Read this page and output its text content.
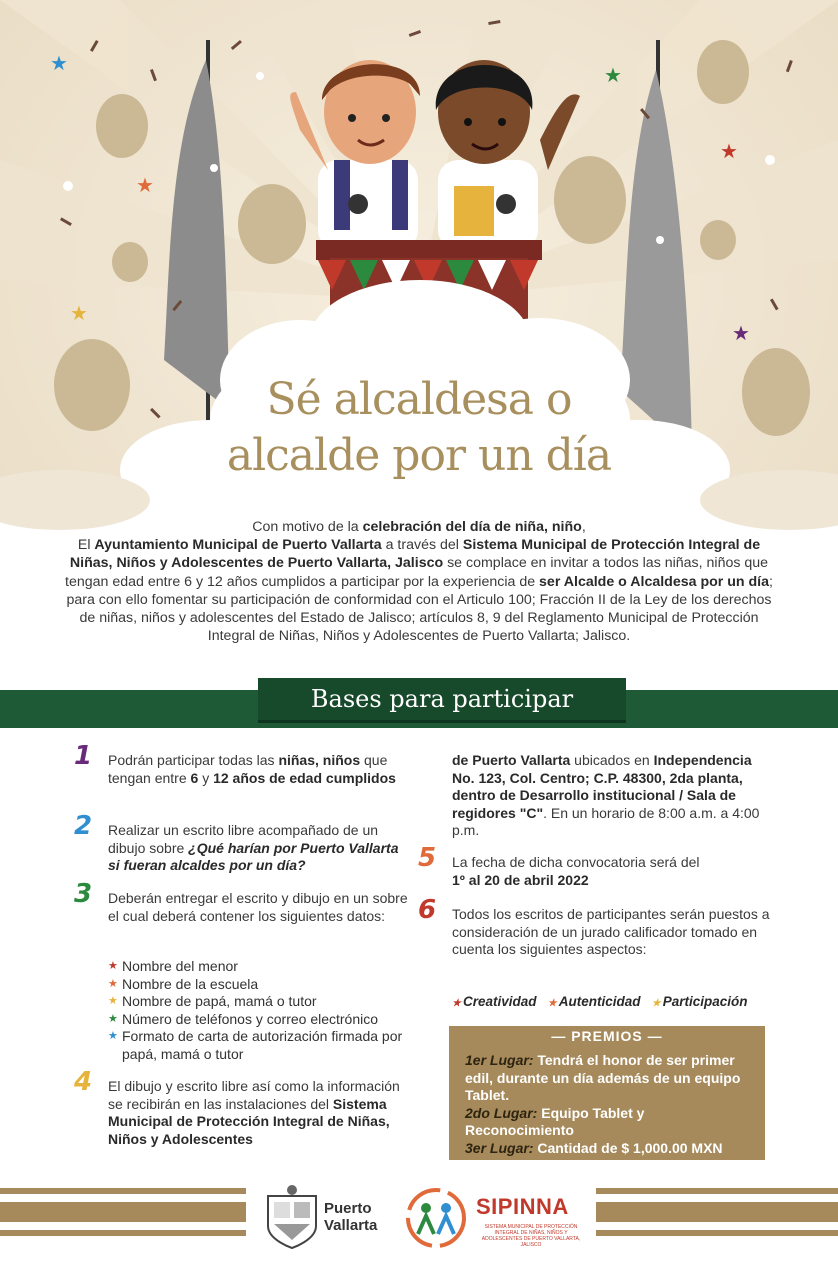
★
★
★
★
★
★
Sé alcaldesa o
alcalde por un día
Con motivo de la celebración del día de niña, niño,
El Ayuntamiento Municipal de Puerto Vallarta a través del Sistema Municipal de Protección Integral de Niñas, Niños y Adolescentes de Puerto Vallarta, Jalisco se complace en invitar a todos las niñas, niños que tengan edad entre 6 y 12 años cumplidos a participar por la experiencia de ser Alcalde o Alcaldesa por un día; para con ello fomentar su participación de conformidad con el Articulo 100; Fracción II de la Ley de los derechos de niñas, niños y adolescentes del Estado de Jalisco; artículos 8, 9 del Reglamento Municipal de Protección Integral de Niñas, Niños y Adolescentes de Puerto Vallarta; Jalisco.
Bases para participar
1 Podrán participar todas las niñas, niños que tengan entre 6 y 12 años de edad cumplidos
2 Realizar un escrito libre acompañado de un dibujo sobre ¿Qué harían por Puerto Vallarta si fueran alcaldes por un día?
3 Deberán entregar el escrito y dibujo en un sobre el cual deberá contener los siguientes datos:
4 El dibujo y escrito libre así como la información se recibirán en las instalaciones del Sistema Municipal de Protección Integral de Niñas, Niños y Adolescentes
★ Nombre del menor
★ Nombre de la escuela
★ Nombre de papá, mamá o tutor
★ Número de teléfonos y correo electrónico
★ Formato de carta de autorización firmada por papá, mamá o tutor
de Puerto Vallarta ubicados en Independencia No. 123, Col. Centro; C.P. 48300, 2da planta, dentro de Desarrollo institucional / Sala de regidores "C". En un horario de 8:00 a.m. a 4:00 p.m.
5 La fecha de dicha convocatoria será del
1º al 20 de abril 2022
6 Todos los escritos de participantes serán puestos a consideración de un jurado calificador tomado en cuenta los siguientes aspectos:
★ Creatividad ★ Autenticidad ★ Participación
— PREMIOS —
1er Lugar: Tendrá el honor de ser primer edil, durante un día además de un equipo Tablet.
2do Lugar: Equipo Tablet y Reconocimiento
3er Lugar: Cantidad de $ 1,000.00 MXN
Puerto
Vallarta
SIPINNA
SISTEMA MUNICIPAL DE PROTECCIÓN INTEGRAL DE NIÑAS, NIÑOS Y ADOLESCENTES DE PUERTO VALLARTA, JALISCO
